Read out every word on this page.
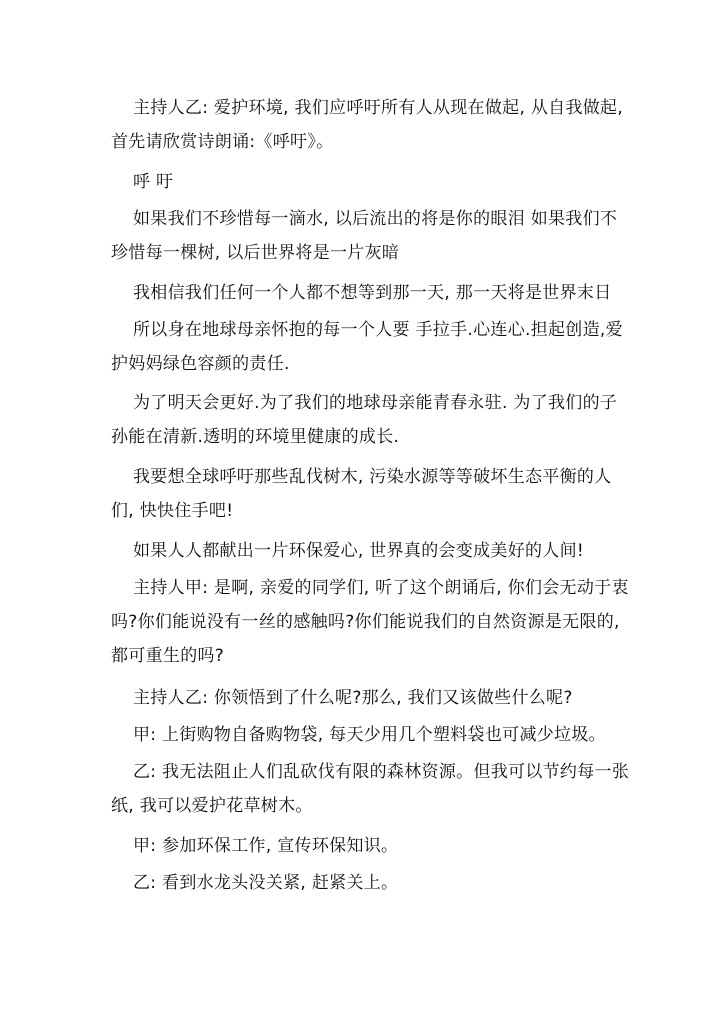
主持人乙: 爱护环境, 我们应呼吁所有人从现在做起, 从自我做起,
首先请欣赏诗朗诵:《呼吁》。
呼 吁
如果我们不珍惜每一滴水, 以后流出的将是你的眼泪 如果我们不
珍惜每一棵树, 以后世界将是一片灰暗
我相信我们任何一个人都不想等到那一天, 那一天将是世界末日
所以身在地球母亲怀抱的每一个人要 手拉手.心连心.担起创造,爱
护妈妈绿色容颜的责任.
为了明天会更好.为了我们的地球母亲能青春永驻. 为了我们的子
孙能在清新.透明的环境里健康的成长.
我要想全球呼吁那些乱伐树木, 污染水源等等破坏生态平衡的人
们, 快快住手吧!
如果人人都献出一片环保爱心, 世界真的会变成美好的人间!
主持人甲: 是啊, 亲爱的同学们, 听了这个朗诵后, 你们会无动于衷
吗?你们能说没有一丝的感触吗?你们能说我们的自然资源是无限的,
都可重生的吗?
主持人乙: 你领悟到了什么呢?那么, 我们又该做些什么呢?
甲: 上街购物自备购物袋, 每天少用几个塑料袋也可减少垃圾。
乙: 我无法阻止人们乱砍伐有限的森林资源。但我可以节约每一张
纸, 我可以爱护花草树木。
甲: 参加环保工作, 宣传环保知识。
乙: 看到水龙头没关紧, 赶紧关上。
